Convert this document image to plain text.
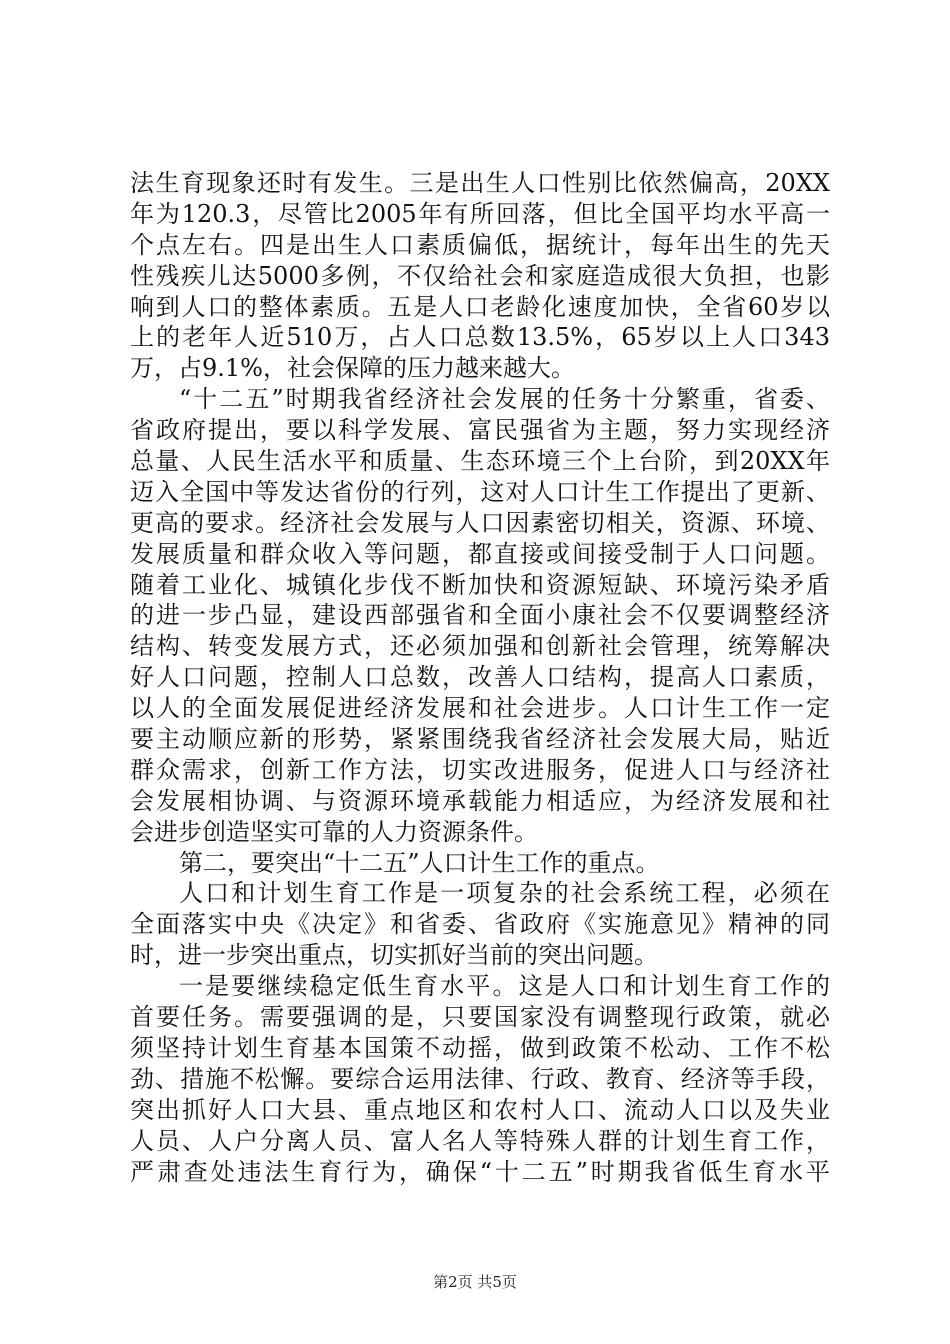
法生育现象还时有发生。三是出生人口性别比依然偏高，20XX
年为120.3，尽管比2005年有所回落，但比全国平均水平高一
个点左右。四是出生人口素质偏低，据统计，每年出生的先天
性残疾儿达5000多例，不仅给社会和家庭造成很大负担，也影
响到人口的整体素质。五是人口老龄化速度加快，全省60岁以
上的老年人近510万，占人口总数13.5%，65岁以上人口343
万，占9.1%，社会保障的压力越来越大。
“十二五”时期我省经济社会发展的任务十分繁重，省委、
省政府提出，要以科学发展、富民强省为主题，努力实现经济
总量、人民生活水平和质量、生态环境三个上台阶，到20XX年
迈入全国中等发达省份的行列，这对人口计生工作提出了更新、
更高的要求。经济社会发展与人口因素密切相关，资源、环境、
发展质量和群众收入等问题，都直接或间接受制于人口问题。
随着工业化、城镇化步伐不断加快和资源短缺、环境污染矛盾
的进一步凸显，建设西部强省和全面小康社会不仅要调整经济
结构、转变发展方式，还必须加强和创新社会管理，统筹解决
好人口问题，控制人口总数，改善人口结构，提高人口素质，
以人的全面发展促进经济发展和社会进步。人口计生工作一定
要主动顺应新的形势，紧紧围绕我省经济社会发展大局，贴近
群众需求，创新工作方法，切实改进服务，促进人口与经济社
会发展相协调、与资源环境承载能力相适应，为经济发展和社
会进步创造坚实可靠的人力资源条件。
第二，要突出“十二五”人口计生工作的重点。
人口和计划生育工作是一项复杂的社会系统工程，必须在
全面落实中央《决定》和省委、省政府《实施意见》精神的同
时，进一步突出重点，切实抓好当前的突出问题。
一是要继续稳定低生育水平。这是人口和计划生育工作的
首要任务。需要强调的是，只要国家没有调整现行政策，就必
须坚持计划生育基本国策不动摇，做到政策不松动、工作不松
劲、措施不松懈。要综合运用法律、行政、教育、经济等手段，
突出抓好人口大县、重点地区和农村人口、流动人口以及失业
人员、人户分离人员、富人名人等特殊人群的计划生育工作，
严肃查处违法生育行为，确保“十二五”时期我省低生育水平
第2页 共5页
